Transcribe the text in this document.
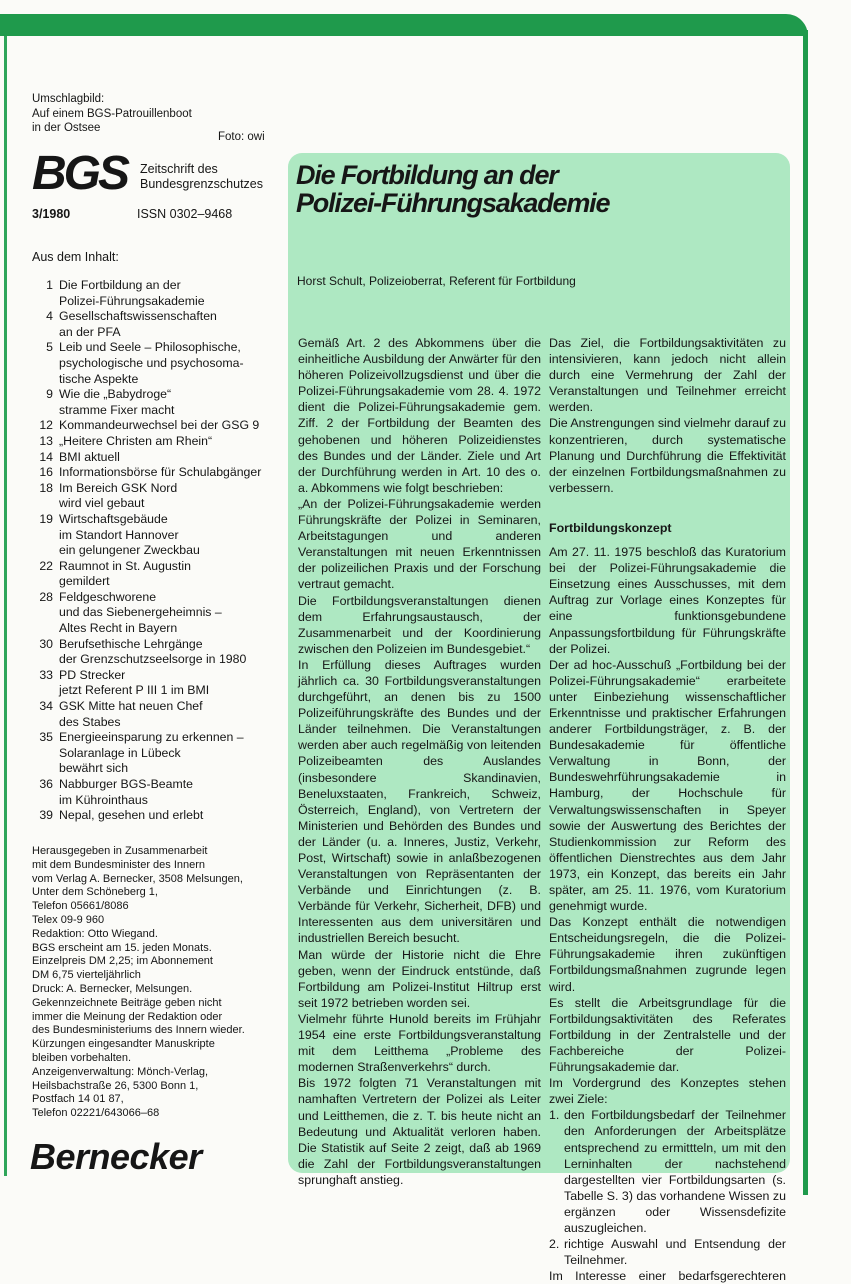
Umschlagbild:
Auf einem BGS-Patrouillenboot
in der Ostsee
Foto: owi
BGS Zeitschrift des
Bundesgrenzschutzes
3/1980	ISSN 0302–9468
Aus dem Inhalt:
1 Die Fortbildung an der
Polizei-Führungsakademie
4 Gesellschaftswissenschaften
an der PFA
5 Leib und Seele – Philosophische,
psychologische und psychosoma-
tische Aspekte
9 Wie die „Babydroge“
stramme Fixer macht
12 Kommandeurwechsel bei der GSG 9
13 „Heitere Christen am Rhein“
14 BMI aktuell
16 Informationsbörse für Schulabgänger
18 Im Bereich GSK Nord
wird viel gebaut
19 Wirtschaftsgebäude
im Standort Hannover
ein gelungener Zweckbau
22 Raumnot in St. Augustin
gemildert
28 Feldgeschworene
und das Siebenergeheimnis –
Altes Recht in Bayern
30 Berufsethische Lehrgänge
der Grenzschutzseelsorge in 1980
33 PD Strecker
jetzt Referent P III 1 im BMI
34 GSK Mitte hat neuen Chef
des Stabes
35 Energieeinsparung zu erkennen –
Solaranlage in Lübeck
bewährt sich
36 Nabburger BGS-Beamte
im Kührointhaus
39 Nepal, gesehen und erlebt
Herausgegeben in Zusammenarbeit
mit dem Bundesminister des Innern
vom Verlag A. Bernecker, 3508 Melsungen,
Unter dem Schöneberg 1,
Telefon 05661/8086
Telex 09-9 960
Redaktion: Otto Wiegand.
BGS erscheint am 15. jeden Monats.
Einzelpreis DM 2,25; im Abonnement
DM 6,75 vierteljährlich
Druck: A. Bernecker, Melsungen.
Gekennzeichnete Beiträge geben nicht
immer die Meinung der Redaktion oder
des Bundesministeriums des Innern wieder.
Kürzungen eingesandter Manuskripte
bleiben vorbehalten.
Anzeigenverwaltung: Mönch-Verlag,
Heilsbachstraße 26, 5300 Bonn 1,
Postfach 14 01 87,
Telefon 02221/643066–68
Bernecker
Die Fortbildung an der
Polizei-Führungsakademie
Horst Schult, Polizeioberrat, Referent für Fortbildung

Gemäß Art. 2 des Abkommens über die einheitliche Ausbildung der Anwärter für den höheren Polizeivollzugsdienst und über die Polizei-Führungsakademie vom 28. 4. 1972 dient die Polizei-Führungsakademie gem. Ziff. 2 der Fortbildung der Beamten des gehobenen und höheren Polizeidienstes des Bundes und der Länder. Ziele und Art der Durchführung werden in Art. 10 des o. a. Abkommens wie folgt beschrieben:

„An der Polizei-Führungsakademie werden Führungskräfte der Polizei in Seminaren, Arbeitstagungen und anderen Veranstaltungen mit neuen Erkenntnissen der polizeilichen Praxis und der Forschung vertraut gemacht.

Die Fortbildungsveranstaltungen dienen dem Erfahrungsaustausch, der Zusammenarbeit und der Koordinierung zwischen den Polizeien im Bundesgebiet.“

In Erfüllung dieses Auftrages wurden jährlich ca. 30 Fortbildungsveranstaltungen durchgeführt, an denen bis zu 1500 Polizeiführungskräfte des Bundes und der Länder teilnehmen. Die Veranstaltungen werden aber auch regelmäßig von leitenden Polizeibeamten des Auslandes (insbesondere Skandinavien, Beneluxstaaten, Frankreich, Schweiz, Österreich, England), von Vertretern der Ministerien und Behörden des Bundes und der Länder (u. a. Inneres, Justiz, Verkehr, Post, Wirtschaft) sowie in anlaßbezogenen Veranstaltungen von Repräsentanten der Verbände und Einrichtungen (z. B. Verbände für Verkehr, Sicherheit, DFB) und Interessenten aus dem universitären und industriellen Bereich besucht.

Man würde der Historie nicht die Ehre geben, wenn der Eindruck entstünde, daß Fortbildung am Polizei-Institut Hiltrup erst seit 1972 betrieben worden sei.

Vielmehr führte Hunold bereits im Frühjahr 1954 eine erste Fortbildungsveranstaltung mit dem Leitthema „Probleme des modernen Straßenverkehrs“ durch.

Bis 1972 folgten 71 Veranstaltungen mit namhaften Vertretern der Polizei als Leiter und Leitthemen, die z. T. bis heute nicht an Bedeutung und Aktualität verloren haben. Die Statistik auf Seite 2 zeigt, daß ab 1969 die Zahl der Fortbildungsveranstaltungen sprunghaft anstieg.

Das Ziel, die Fortbildungsaktivitäten zu intensivieren, kann jedoch nicht allein durch eine Vermehrung der Zahl der Veranstaltungen und Teilnehmer erreicht werden.

Die Anstrengungen sind vielmehr darauf zu konzentrieren, durch systematische Planung und Durchführung die Effektivität der einzelnen Fortbildungsmaßnahmen zu verbessern.

Fortbildungskonzept

Am 27. 11. 1975 beschloß das Kuratorium bei der Polizei-Führungsakademie die Einsetzung eines Ausschusses, mit dem Auftrag zur Vorlage eines Konzeptes für eine funktionsgebundene Anpassungsfortbildung für Führungskräfte der Polizei.

Der ad hoc-Ausschuß „Fortbildung bei der Polizei-Führungsakademie“ erarbeitete unter Einbeziehung wissenschaftlicher Erkenntnisse und praktischer Erfahrungen anderer Fortbildungsträger, z. B. der Bundesakademie für öffentliche Verwaltung in Bonn, der Bundeswehrführungsakademie in Hamburg, der Hochschule für Verwaltungswissenschaften in Speyer sowie der Auswertung des Berichtes der Studienkommission zur Reform des öffentlichen Dienstrechtes aus dem Jahr 1973, ein Konzept, das bereits ein Jahr später, am 25. 11. 1976, vom Kuratorium genehmigt wurde.

Das Konzept enthält die notwendigen Entscheidungsregeln, die die Polizei-Führungsakademie ihren zukünftigen Fortbildungsmaßnahmen zugrunde legen wird.

Es stellt die Arbeitsgrundlage für die Fortbildungsaktivitäten des Referates Fortbildung in der Zentralstelle und der Fachbereiche der Polizei-Führungsakademie dar.

Im Vordergrund des Konzeptes stehen zwei Ziele:

1. den Fortbildungsbedarf der Teilnehmer den Anforderungen der Arbeitsplätze entsprechend zu ermittteln, um mit den Lerninhalten der nachstehend dargestellten vier Fortbildungsarten (s. Tabelle S. 3) das vorhandene Wissen zu ergänzen oder Wissensdefizite auszugleichen.
2. richtige Auswahl und Entsendung der Teilnehmer.

Im Interesse einer bedarfsgerechteren
